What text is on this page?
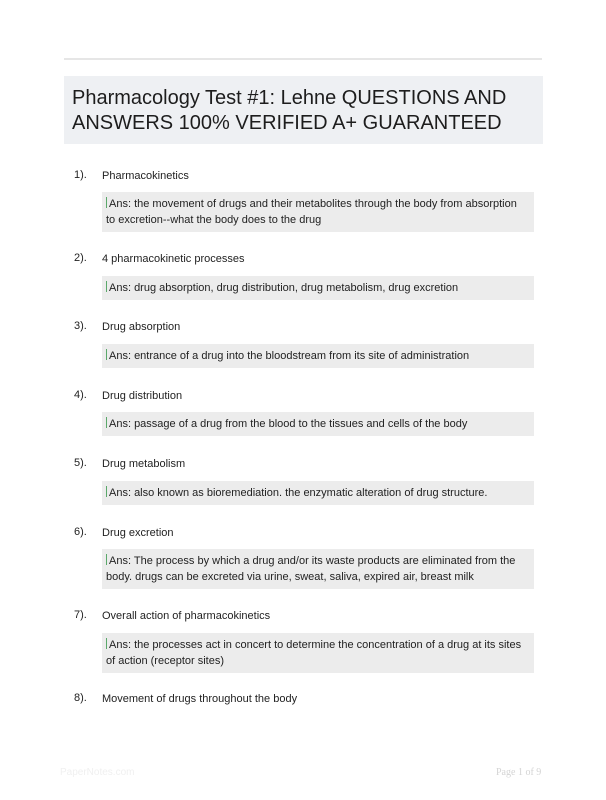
Pharmacology Test #1: Lehne QUESTIONS AND ANSWERS 100% VERIFIED A+ GUARANTEED
1). Pharmacokinetics
Ans: the movement of drugs and their metabolites through the body from absorption to excretion--what the body does to the drug
2). 4 pharmacokinetic processes
Ans: drug absorption, drug distribution, drug metabolism, drug excretion
3). Drug absorption
Ans: entrance of a drug into the bloodstream from its site of administration
4). Drug distribution
Ans: passage of a drug from the blood to the tissues and cells of the body
5). Drug metabolism
Ans: also known as bioremediation. the enzymatic alteration of drug structure.
6). Drug excretion
Ans: The process by which a drug and/or its waste products are eliminated from the body. drugs can be excreted via urine, sweat, saliva, expired air, breast milk
7). Overall action of pharmacokinetics
Ans: the processes act in concert to determine the concentration of a drug at its sites of action (receptor sites)
8). Movement of drugs throughout the body
PaperNotes.com	Page 1 of 9
